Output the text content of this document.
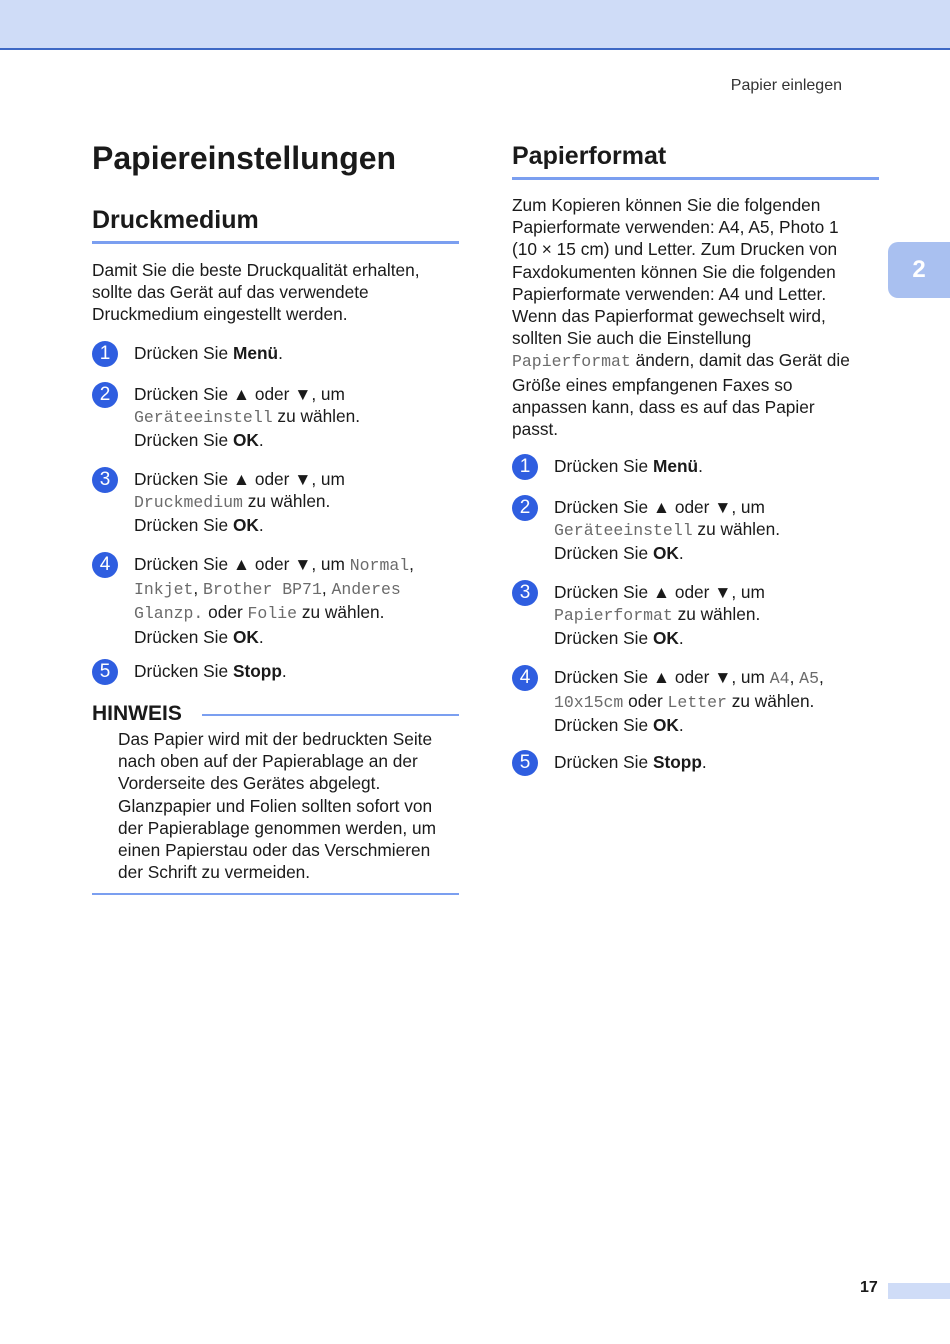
Papier einlegen
2
Papiereinstellungen
Druckmedium

Damit Sie die beste Druckqualität erhalten,
sollte das Gerät auf das verwendete
Druckmedium eingestellt werden.

1	Drücken Sie Menü.
2	Drücken Sie ▲ oder ▼, um
Geräteeinstell zu wählen.
Drücken Sie OK.
3	Drücken Sie ▲ oder ▼, um
Druckmedium zu wählen.
Drücken Sie OK.
4	Drücken Sie ▲ oder ▼, um Normal,
Inkjet, Brother BP71, Anderes
Glanzp. oder Folie zu wählen.
Drücken Sie OK.
5	Drücken Sie Stopp.
HINWEIS

Das Papier wird mit der bedruckten Seite
nach oben auf der Papierablage an der
Vorderseite des Gerätes abgelegt.
Glanzpapier und Folien sollten sofort von
der Papierablage genommen werden, um
einen Papierstau oder das Verschmieren
der Schrift zu vermeiden.

Papierformat

Zum Kopieren können Sie die folgenden
Papierformate verwenden: A4, A5, Photo 1
(10 × 15 cm) und Letter. Zum Drucken von
Faxdokumenten können Sie die folgenden
Papierformate verwenden: A4 und Letter.
Wenn das Papierformat gewechselt wird,
sollten Sie auch die Einstellung
Papierformat ändern, damit das Gerät die
Größe eines empfangenen Faxes so
anpassen kann, dass es auf das Papier
passt.

1	Drücken Sie Menü.
2	Drücken Sie ▲ oder ▼, um
Geräteeinstell zu wählen.
Drücken Sie OK.
3	Drücken Sie ▲ oder ▼, um
Papierformat zu wählen.
Drücken Sie OK.
4	Drücken Sie ▲ oder ▼, um A4, A5,
10x15cm oder Letter zu wählen.
Drücken Sie OK.
5	Drücken Sie Stopp.
17
